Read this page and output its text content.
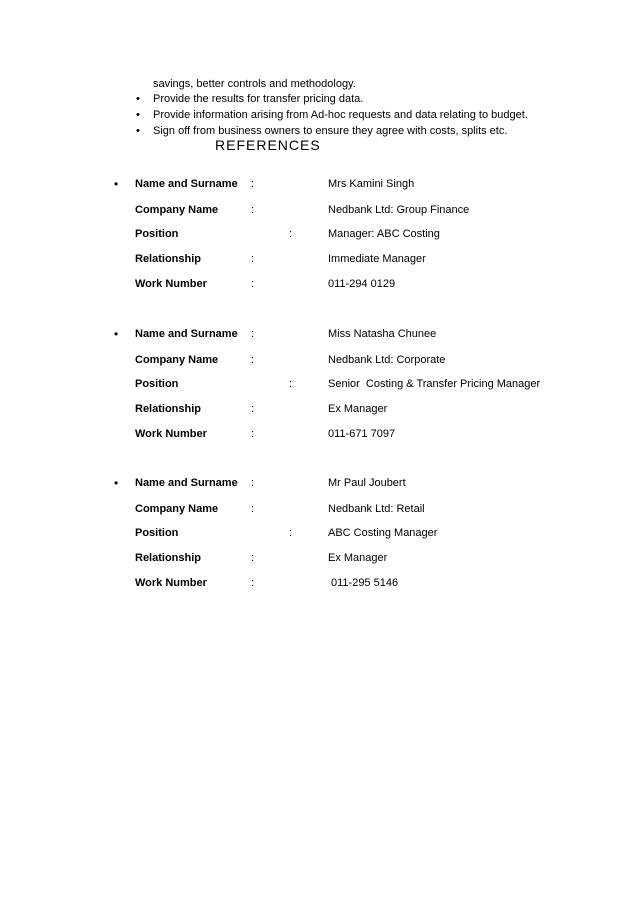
savings, better controls and methodology.
• Provide the results for transfer pricing data.
• Provide information arising from Ad-hoc requests and data relating to budget.
• Sign off from business owners to ensure they agree with costs, splits etc.
REFERENCES
• Name and Surname :	Mrs Kamini Singh
Company Name	:	Nedbank Ltd: Group Finance
Position	:	Manager: ABC Costing
Relationship	:	Immediate Manager
Work Number	:	011-294 0129
• Name and Surname :	Miss Natasha Chunee
Company Name	:	Nedbank Ltd: Corporate
Position	:	Senior  Costing & Transfer Pricing Manager
Relationship	:	Ex Manager
Work Number	:	011-671 7097
• Name and Surname :	Mr Paul Joubert
Company Name	:	Nedbank Ltd: Retail
Position	:	ABC Costing Manager
Relationship	:	Ex Manager
Work Number	:	011-295 5146
